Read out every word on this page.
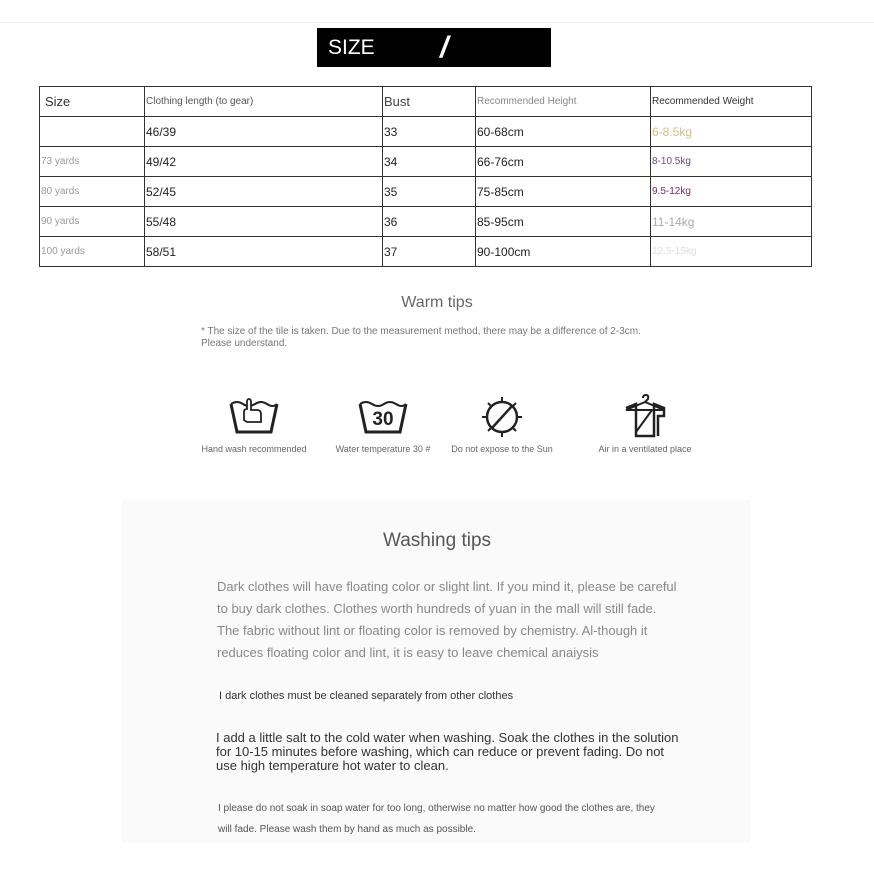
SIZE /
Size	Clothing length (to gear)	Bust	Recommended Height	Recommended Weight
	46/39	33	60-68cm	6-8.5kg
73 yards	49/42	34	66-76cm	8-10.5kg
80 yards	52/45	35	75-85cm	9.5-12kg
90 yards	55/48	36	85-95cm	11-14kg
100 yards	58/51	37	90-100cm	12.5-15kg
Warm tips
* The size of the tile is taken. Due to the measurement method, there may be a difference of 2-3cm. Please understand.
Hand wash recommended
30
Water temperature 30 #	Do not expose to the Sun	Air in a ventilated place
Washing tips
Dark clothes will have floating color or slight lint. If you mind it, please be careful to buy dark clothes. Clothes worth hundreds of yuan in the mall will still fade. The fabric without lint or floating color is removed by chemistry. Al-though it reduces floating color and lint, it is easy to leave chemical anaiysis
I dark clothes must be cleaned separately from other clothes
I add a little salt to the cold water when washing. Soak the clothes in the solution for 10-15 minutes before washing, which can reduce or prevent fading. Do not use high temperature hot water to clean.
I please do not soak in soap water for too long, otherwise no matter how good the clothes are, they will fade. Please wash them by hand as much as possible.
